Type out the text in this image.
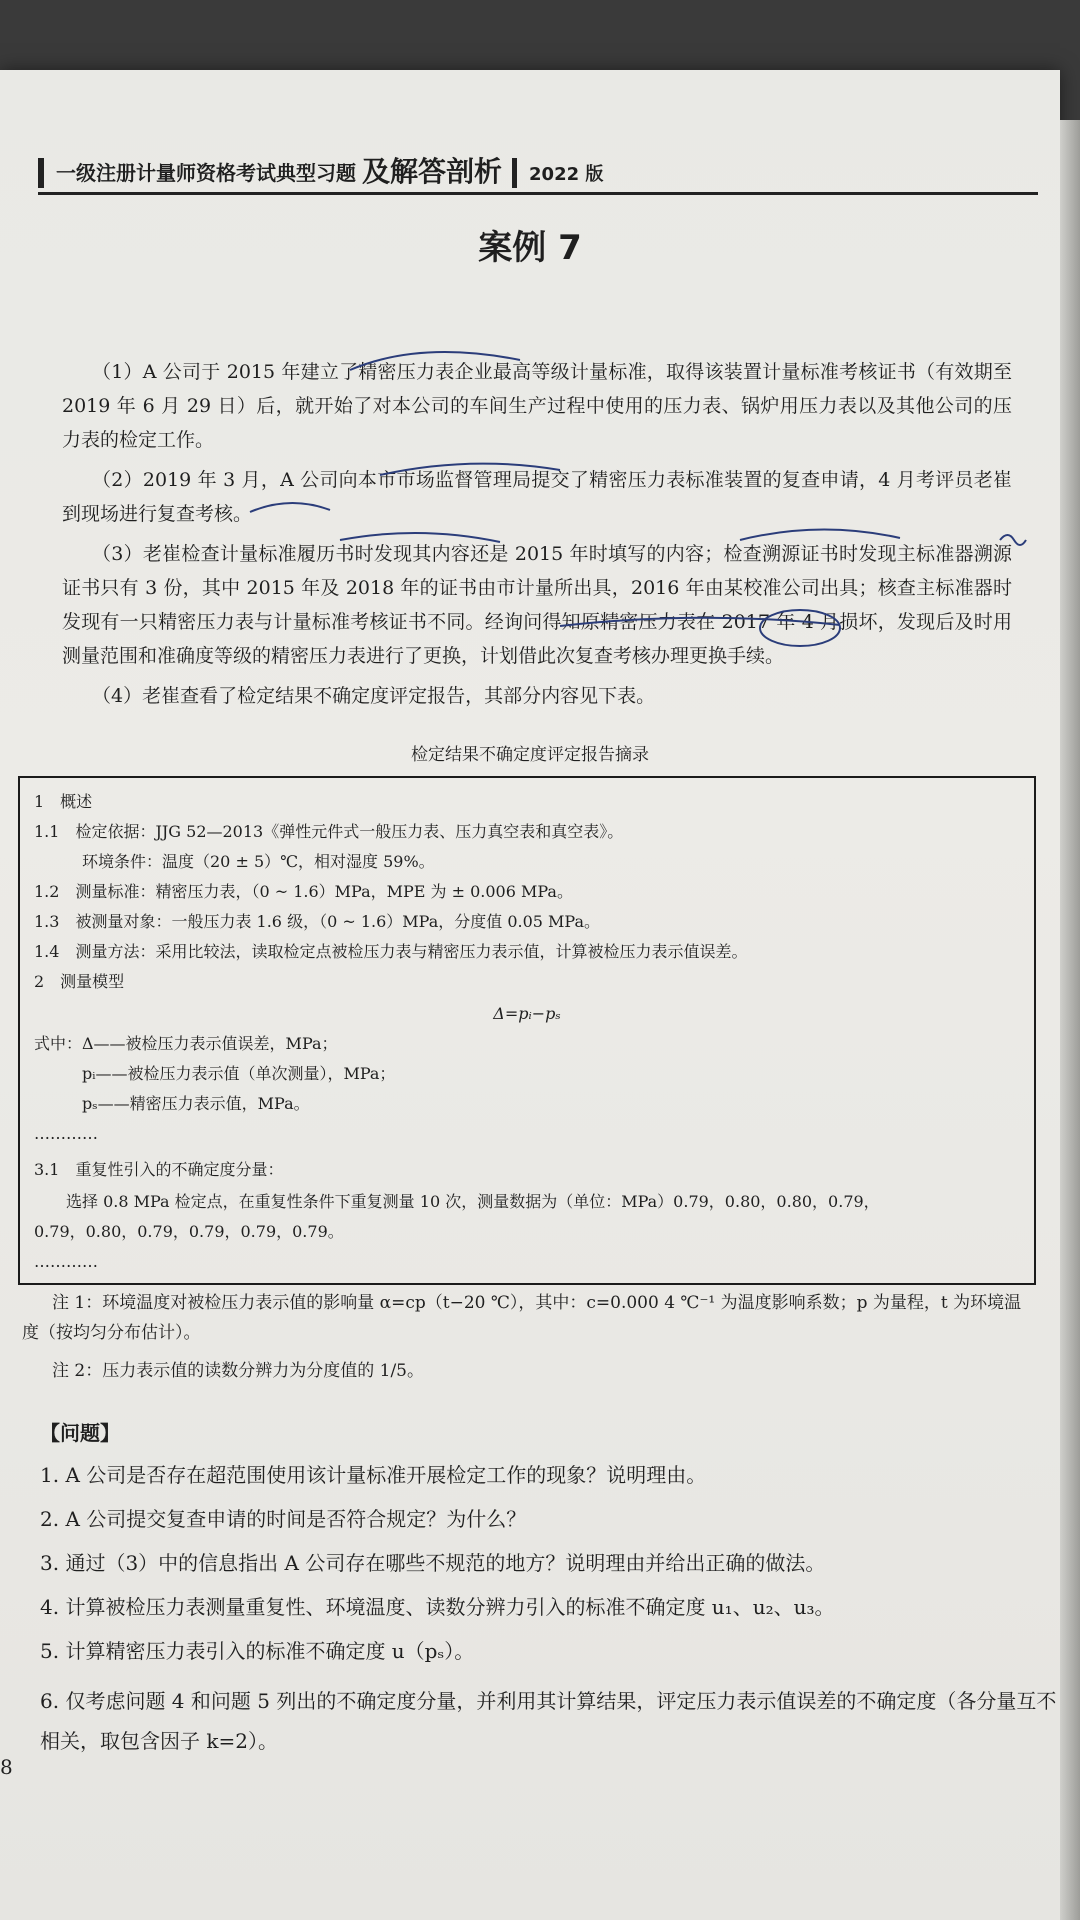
一级注册计量师资格考试典型习题 及解答剖析 2022 版
案例 7

（1）A 公司于 2015 年建立了精密压力表企业最高等级计量标准，取得该装置计量标准考核证书（有效期至 2019 年 6 月 29 日）后，就开始了对本公司的车间生产过程中使用的压力表、锅炉用压力表以及其他公司的压力表的检定工作。

（2）2019 年 3 月，A 公司向本市市场监督管理局提交了精密压力表标准装置的复查申请，4 月考评员老崔到现场进行复查考核。

（3）老崔检查计量标准履历书时发现其内容还是 2015 年时填写的内容；检查溯源证书时发现主标准器溯源证书只有 3 份，其中 2015 年及 2018 年的证书由市计量所出具，2016 年由某校准公司出具；核查主标准器时发现有一只精密压力表与计量标准考核证书不同。经询问得知原精密压力表在 2017 年 4 月损坏，发现后及时用测量范围和准确度等级的精密压力表进行了更换，计划借此次复查考核办理更换手续。

（4）老崔查看了检定结果不确定度评定报告，其部分内容见下表。

检定结果不确定度评定报告摘录
1　概述
1.1　检定依据：JJG 52—2013《弹性元件式一般压力表、压力真空表和真空表》。
　　　环境条件：温度（20 ± 5）℃，相对湿度 59%。
1.2　测量标准：精密压力表，（0 ~ 1.6）MPa，MPE 为 ± 0.006 MPa。
1.3　被测量对象：一般压力表 1.6 级，（0 ~ 1.6）MPa，分度值 0.05 MPa。
1.4　测量方法：采用比较法，读取检定点被检压力表与精密压力表示值，计算被检压力表示值误差。
2　测量模型
Δ=pᵢ−pₛ
式中：Δ——被检压力表示值误差，MPa；
　　　pᵢ——被检压力表示值（单次测量），MPa；
　　　pₛ——精密压力表示值，MPa。
…………
3.1　重复性引入的不确定度分量：
　　选择 0.8 MPa 检定点，在重复性条件下重复测量 10 次，测量数据为（单位：MPa）0.79，0.80，0.80，0.79，
0.79，0.80，0.79，0.79，0.79，0.79。
…………

注 1：环境温度对被检压力表示值的影响量 α=cp（t−20 ℃），其中：c=0.000 4 ℃⁻¹ 为温度影响系数；p 为量程，t 为环境温度（按均匀分布估计）。

注 2：压力表示值的读数分辨力为分度值的 1/5。

【问题】
1. A 公司是否存在超范围使用该计量标准开展检定工作的现象？说明理由。
2. A 公司提交复查申请的时间是否符合规定？为什么？
3. 通过（3）中的信息指出 A 公司存在哪些不规范的地方？说明理由并给出正确的做法。
4. 计算被检压力表测量重复性、环境温度、读数分辨力引入的标准不确定度 u₁、u₂、u₃。
5. 计算精密压力表引入的标准不确定度 u（pₛ）。
6. 仅考虑问题 4 和问题 5 列出的不确定度分量，并利用其计算结果，评定压力表示值误差的不确定度（各分量互不相关，取包含因子 k=2）。
8
